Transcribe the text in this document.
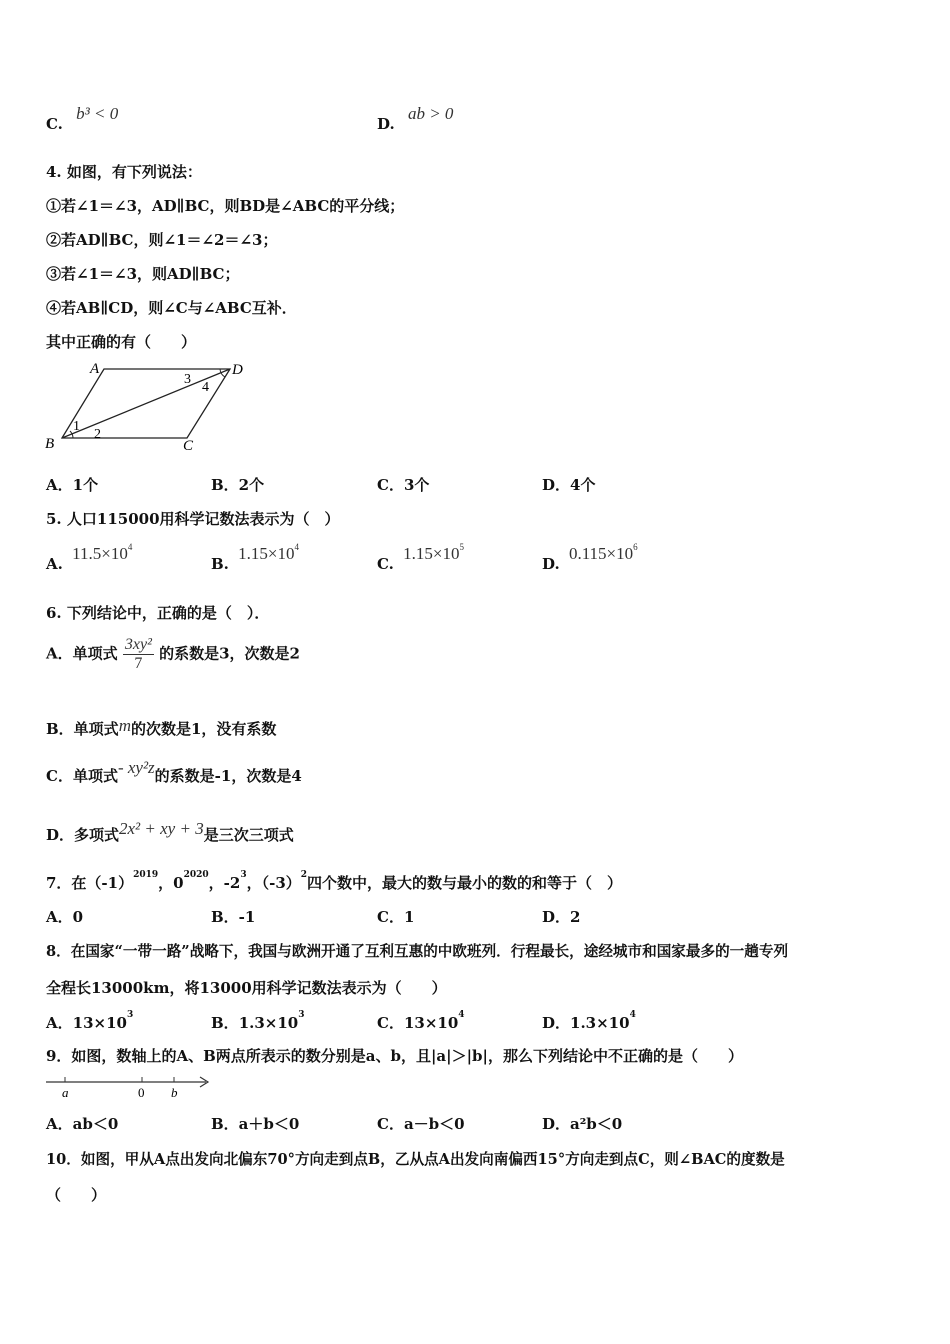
C. b³ < 0
D. ab > 0
4. 如图，有下列说法：
①若∠1＝∠3，AD∥BC，则BD是∠ABC的平分线；
②若AD∥BC，则∠1＝∠2＝∠3；
③若∠1＝∠3，则AD∥BC；
④若AB∥CD，则∠C与∠ABC互补．
其中正确的有（　　）
A	D
B	C
1
2
3
4
A．1个	B．2个	C．3个	D．4个
5. 人口115000用科学记数法表示为（　）
A. $11.5\times 10^4$
B. $1.15\times 10^4$
C. $1.15\times 10^5$
D. $0.115\times 10^6$
6. 下列结论中，正确的是（　）．
A．单项式 $\frac{\text{3xy²}}{7}$ 的系数是3，次数是2
B．单项式m的次数是1，没有系数
C．单项式- xy²z的系数是-1，次数是4
D．多项式2x² + xy + 3是三次三项式
7．在$(-1)^{2019}$，$0^{2020}$，$-2^3$，$(-3)^2$四个数中，最大的数与最小的数的和等于（　）
A．0	B．-1	C．1	D．2
8．在国家“一带一路”战略下，我国与欧洲开通了互利互惠的中欧班列．行程最长，途经城市和国家最多的一趟专列
全程长13000km，将13000用科学记数法表示为（　　）
A．$13\times 10^3$	B．$1.3\times 10^3$	C．$13\times 10^4$	D．$1.3\times 10^4$
9．如图，数轴上的A、B两点所表示的数分别是a、b，且|a|＞|b|，那么下列结论中不正确的是（　　）
a	0 b
A．ab＜0	B．a＋b＜0	C．a－b＜0	D．a²b＜0
10．如图，甲从A点出发向北偏东70°方向走到点B，乙从点A出发向南偏西15°方向走到点C，则∠BAC的度数是
（　　）
